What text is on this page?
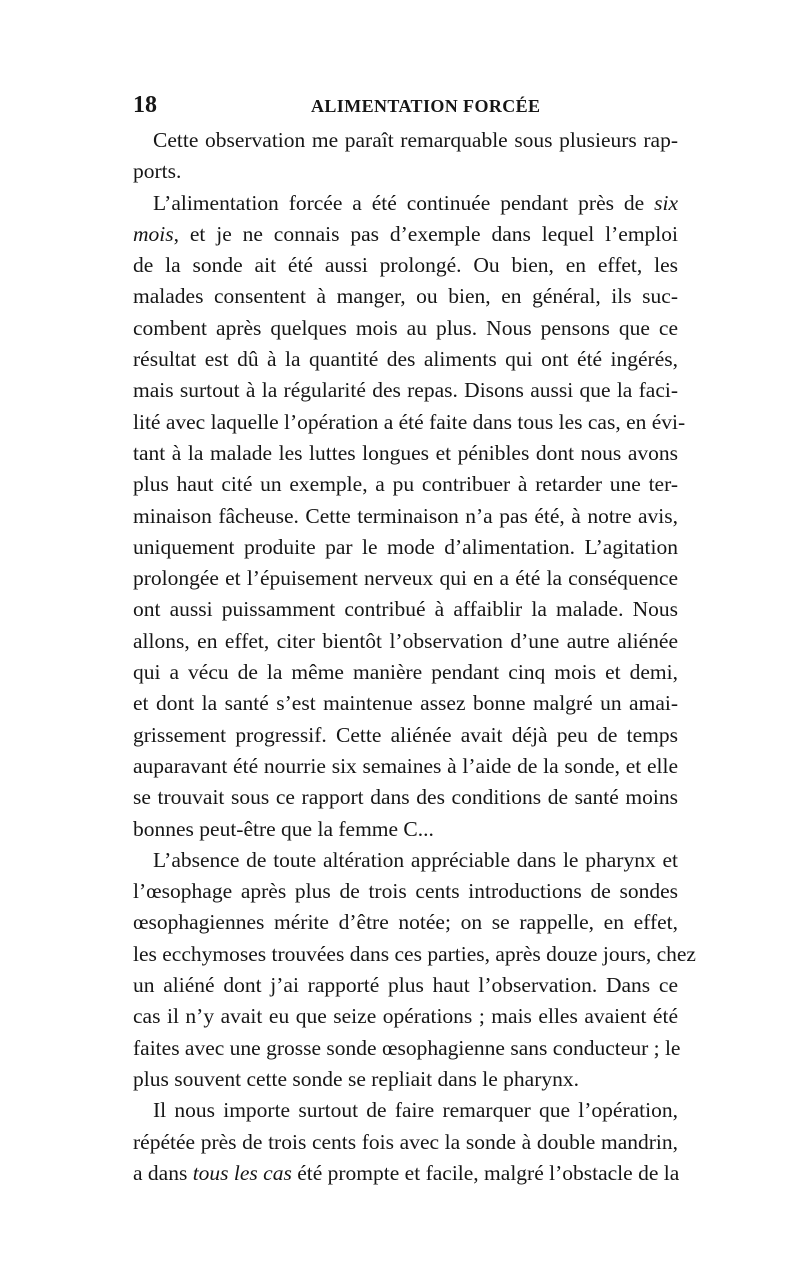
18	ALIMENTATION FORCÉE
Cette observation me paraît remarquable sous plusieurs rap-
ports.
L’alimentation forcée a été continuée pendant près de six
mois, et je ne connais pas d’exemple dans lequel l’emploi
de la sonde ait été aussi prolongé. Ou bien, en effet, les
malades consentent à manger, ou bien, en général, ils suc-
combent après quelques mois au plus. Nous pensons que ce
résultat est dû à la quantité des aliments qui ont été ingérés,
mais surtout à la régularité des repas. Disons aussi que la faci-
lité avec laquelle l’opération a été faite dans tous les cas, en évi-
tant à la malade les luttes longues et pénibles dont nous avons
plus haut cité un exemple, a pu contribuer à retarder une ter-
minaison fâcheuse. Cette terminaison n’a pas été, à notre avis,
uniquement produite par le mode d’alimentation. L’agitation
prolongée et l’épuisement nerveux qui en a été la conséquence
ont aussi puissamment contribué à affaiblir la malade. Nous
allons, en effet, citer bientôt l’observation d’une autre aliénée
qui a vécu de la même manière pendant cinq mois et demi,
et dont la santé s’est maintenue assez bonne malgré un amai-
grissement progressif. Cette aliénée avait déjà peu de temps
auparavant été nourrie six semaines à l’aide de la sonde, et elle
se trouvait sous ce rapport dans des conditions de santé moins
bonnes peut-être que la femme C...
L’absence de toute altération appréciable dans le pharynx et
l’œsophage après plus de trois cents introductions de sondes
œsophagiennes mérite d’être notée; on se rappelle, en effet,
les ecchymoses trouvées dans ces parties, après douze jours, chez
un aliéné dont j’ai rapporté plus haut l’observation. Dans ce
cas il n’y avait eu que seize opérations ; mais elles avaient été
faites avec une grosse sonde œsophagienne sans conducteur ; le
plus souvent cette sonde se repliait dans le pharynx.
Il nous importe surtout de faire remarquer que l’opération,
répétée près de trois cents fois avec la sonde à double mandrin,
a dans tous les cas été prompte et facile, malgré l’obstacle de la
